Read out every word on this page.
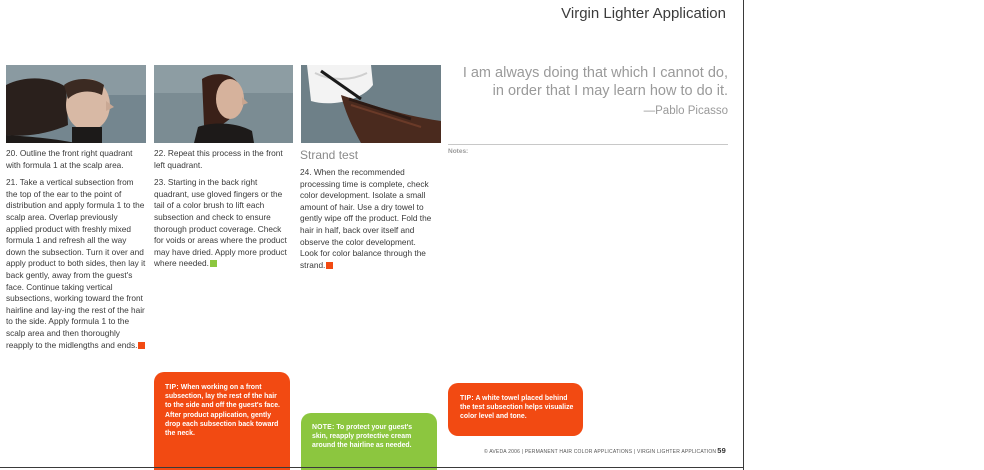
Virgin Lighter Application

20. Outline the front right quadrant with formula 1 at the scalp area.

21. Take a vertical subsection from the top of the ear to the point of distribution and apply formula 1 to the scalp area. Overlap previously applied product with freshly mixed formula 1 and refresh all the way down the subsection. Turn it over and apply product to both sides, then lay it back gently, away from the guest's face. Continue taking vertical subsections, working toward the front hairline and lay-ing the rest of the hair to the side. Apply formula 1 to the scalp area and then thoroughly reapply to the midlengths and ends.

22. Repeat this process in the front left quadrant.

23. Starting in the back right quadrant, use gloved fingers or the tail of a color brush to lift each subsection and check to ensure thorough product coverage. Check for voids or areas where the product may have dried. Apply more product where needed.

Strand test

24. When the recommended processing time is complete, check color development. Isolate a small amount of hair. Use a dry towel to gently wipe off the product. Fold the hair in half, back over itself and observe the color development. Look for color balance through the strand.

I am always doing that which I cannot do,
in order that I may learn how to do it.
—Pablo Picasso
Notes:
TIP: When working on a front subsection, lay the rest of the hair to the side and off the guest's face. After product application, gently drop each subsection back toward the neck.
NOTE: To protect your guest's skin, reapply protective cream around the hairline as needed.
TIP: A white towel placed behind the test subsection helps visualize color level and tone.
© AVEDA 2006 | PERMANENT HAIR COLOR APPLICATIONS | VIRGIN LIGHTER APPLICATION59
